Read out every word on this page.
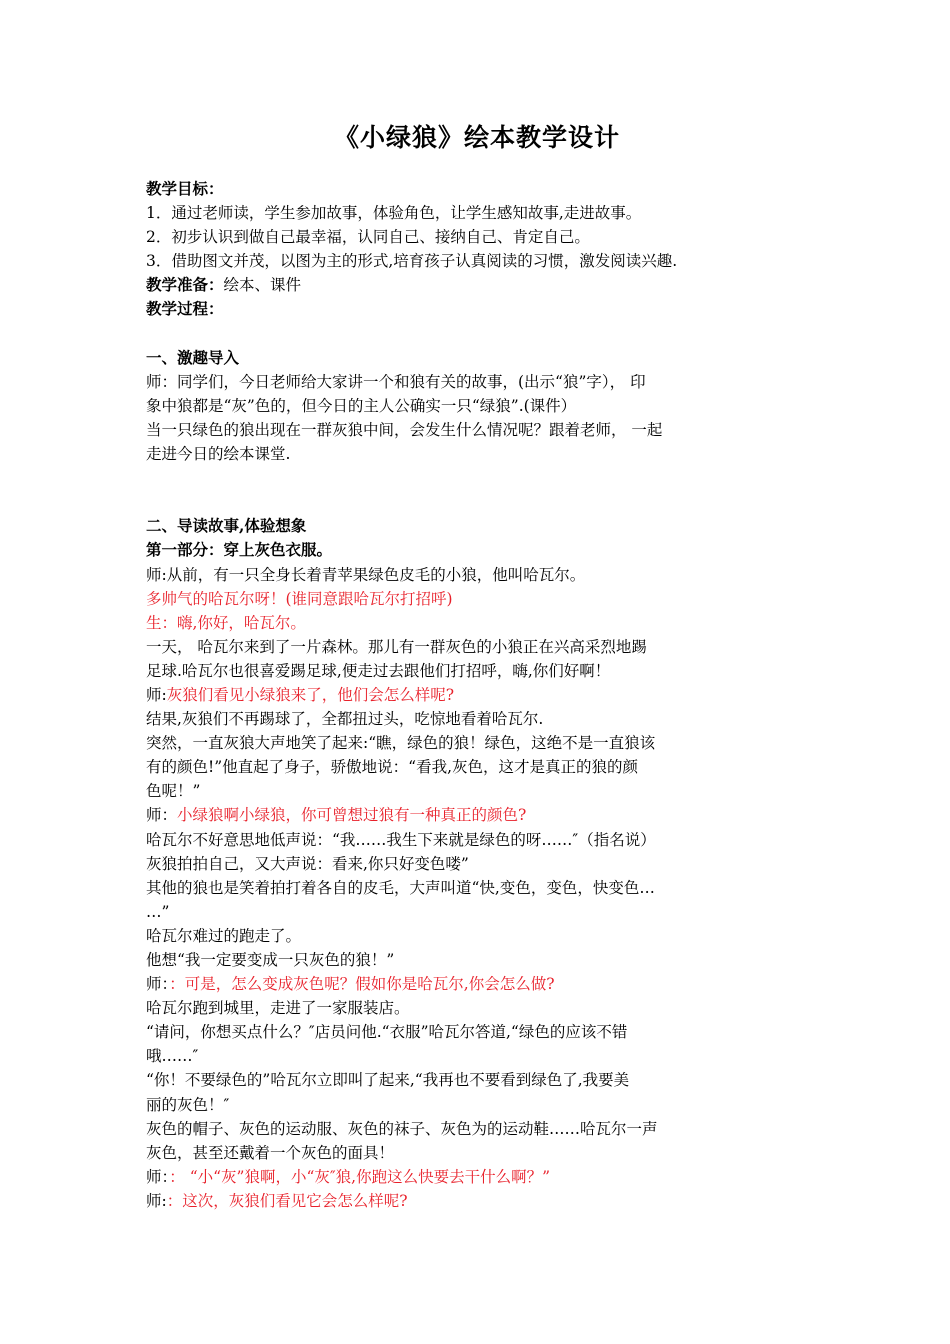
《小绿狼》绘本教学设计
教学目标：
1．通过老师读，学生参加故事，体验角色，让学生感知故事,走进故事。
2．初步认识到做自己最幸福，认同自己、接纳自己、肯定自己。
3．借助图文并茂，以图为主的形式,培育孩子认真阅读的习惯，激发阅读兴趣.
教学准备：绘本、课件
教学过程：
一、激趣导入
师：同学们，今日老师给大家讲一个和狼有关的故事，(出示“狼”字）， 印
象中狼都是“灰”色的，但今日的主人公确实一只“绿狼”.(课件）
当一只绿色的狼出现在一群灰狼中间，会发生什么情况呢？跟着老师， 一起
走进今日的绘本课堂.
二、导读故事,体验想象
第一部分：穿上灰色衣服。
师:从前，有一只全身长着青苹果绿色皮毛的小狼，他叫哈瓦尔。
多帅气的哈瓦尔呀！(谁同意跟哈瓦尔打招呼)
生：嗨,你好，哈瓦尔。
一天， 哈瓦尔来到了一片森林。那儿有一群灰色的小狼正在兴高采烈地踢
足球.哈瓦尔也很喜爱踢足球,便走过去跟他们打招呼，嗨,你们好啊！
师:灰狼们看见小绿狼来了，他们会怎么样呢?
结果,灰狼们不再踢球了，全都扭过头，吃惊地看着哈瓦尔.
突然，一直灰狼大声地笑了起来:“瞧，绿色的狼！绿色，这绝不是一直狼该
有的颜色!”他直起了身子，骄傲地说：“看我,灰色，这才是真正的狼的颜
色呢！”
师：小绿狼啊小绿狼，你可曾想过狼有一种真正的颜色?
哈瓦尔不好意思地低声说：“我……我生下来就是绿色的呀……″（指名说）
灰狼拍拍自己，又大声说：看来,你只好变色喽”
其他的狼也是笑着拍打着各自的皮毛，大声叫道“快,变色，变色，快变色…
…”
哈瓦尔难过的跑走了。
他想“我一定要变成一只灰色的狼！”
师：：可是，怎么变成灰色呢？假如你是哈瓦尔,你会怎么做?
哈瓦尔跑到城里，走进了一家服装店。
“请问，你想买点什么？″店员问他.“衣服”哈瓦尔答道,“绿色的应该不错
哦……″
“你！不要绿色的”哈瓦尔立即叫了起来,“我再也不要看到绿色了,我要美
丽的灰色！″
灰色的帽子、灰色的运动服、灰色的袜子、灰色为的运动鞋……哈瓦尔一声
灰色，甚至还戴着一个灰色的面具！
师：： “小“灰”狼啊，小“灰″狼,你跑这么快要去干什么啊？”
师:：这次，灰狼们看见它会怎么样呢?
